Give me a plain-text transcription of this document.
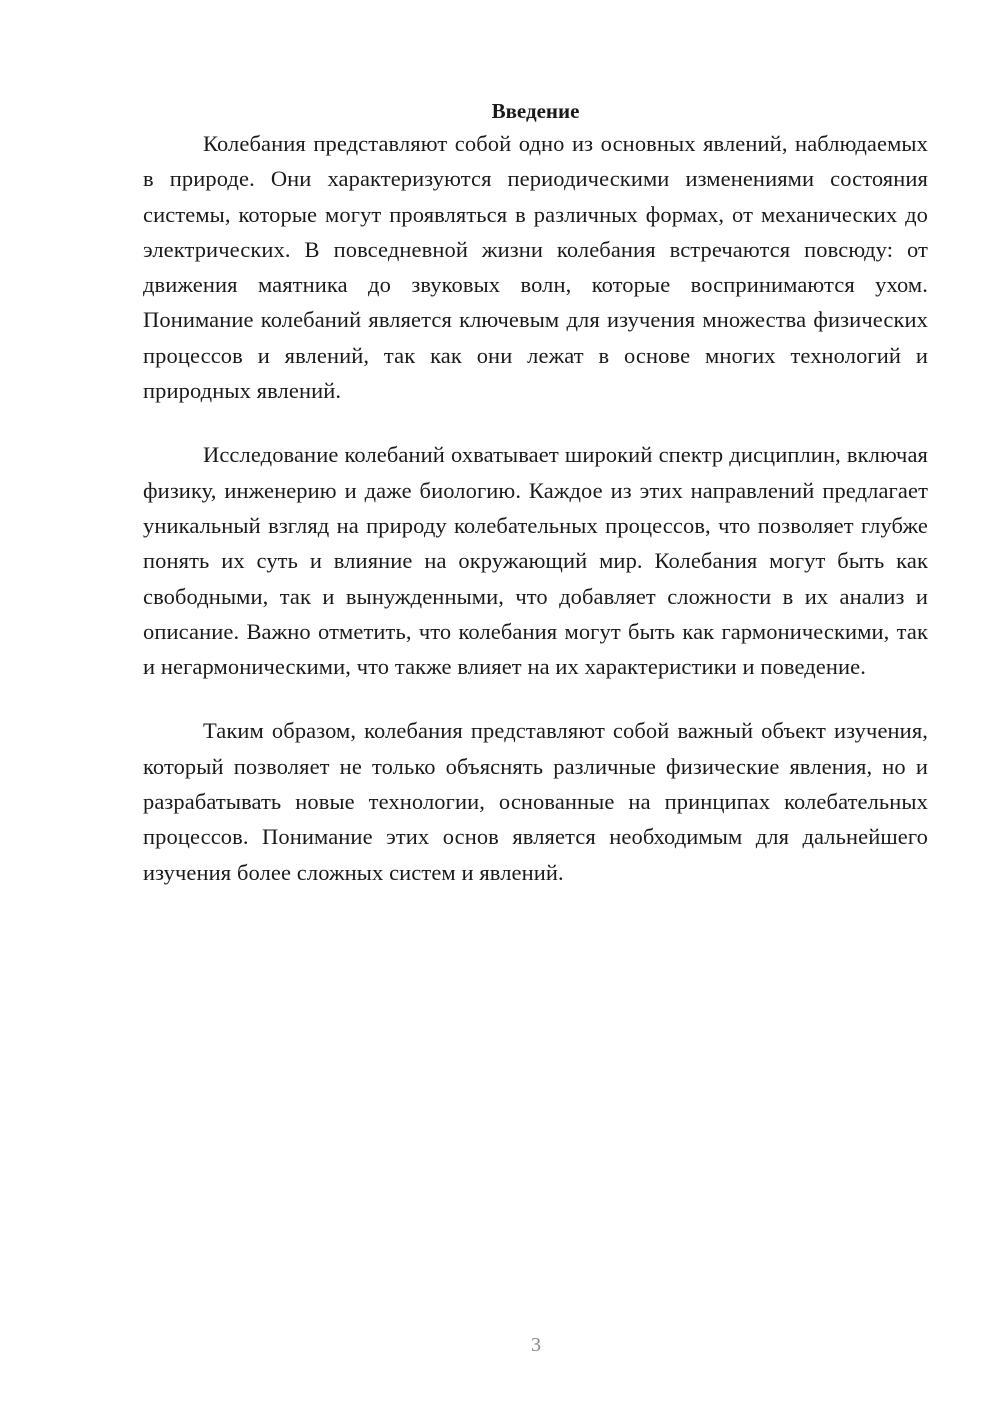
Введение

Колебания представляют собой одно из основных явлений, наблюдаемых в природе. Они характеризуются периодическими изменениями состояния системы, которые могут проявляться в различных формах, от механических до электрических. В повседневной жизни колебания встречаются повсюду: от движения маятника до звуковых волн, которые воспринимаются ухом. Понимание колебаний является ключевым для изучения множества физических процессов и явлений, так как они лежат в основе многих технологий и природных явлений.

Исследование колебаний охватывает широкий спектр дисциплин, включая физику, инженерию и даже биологию. Каждое из этих направлений предлагает уникальный взгляд на природу колебательных процессов, что позволяет глубже понять их суть и влияние на окружающий мир. Колебания могут быть как свободными, так и вынужденными, что добавляет сложности в их анализ и описание. Важно отметить, что колебания могут быть как гармоническими, так и негармоническими, что также влияет на их характеристики и поведение.

Таким образом, колебания представляют собой важный объект изучения, который позволяет не только объяснять различные физические явления, но и разрабатывать новые технологии, основанные на принципах колебательных процессов. Понимание этих основ является необходимым для дальнейшего изучения более сложных систем и явлений.

3
